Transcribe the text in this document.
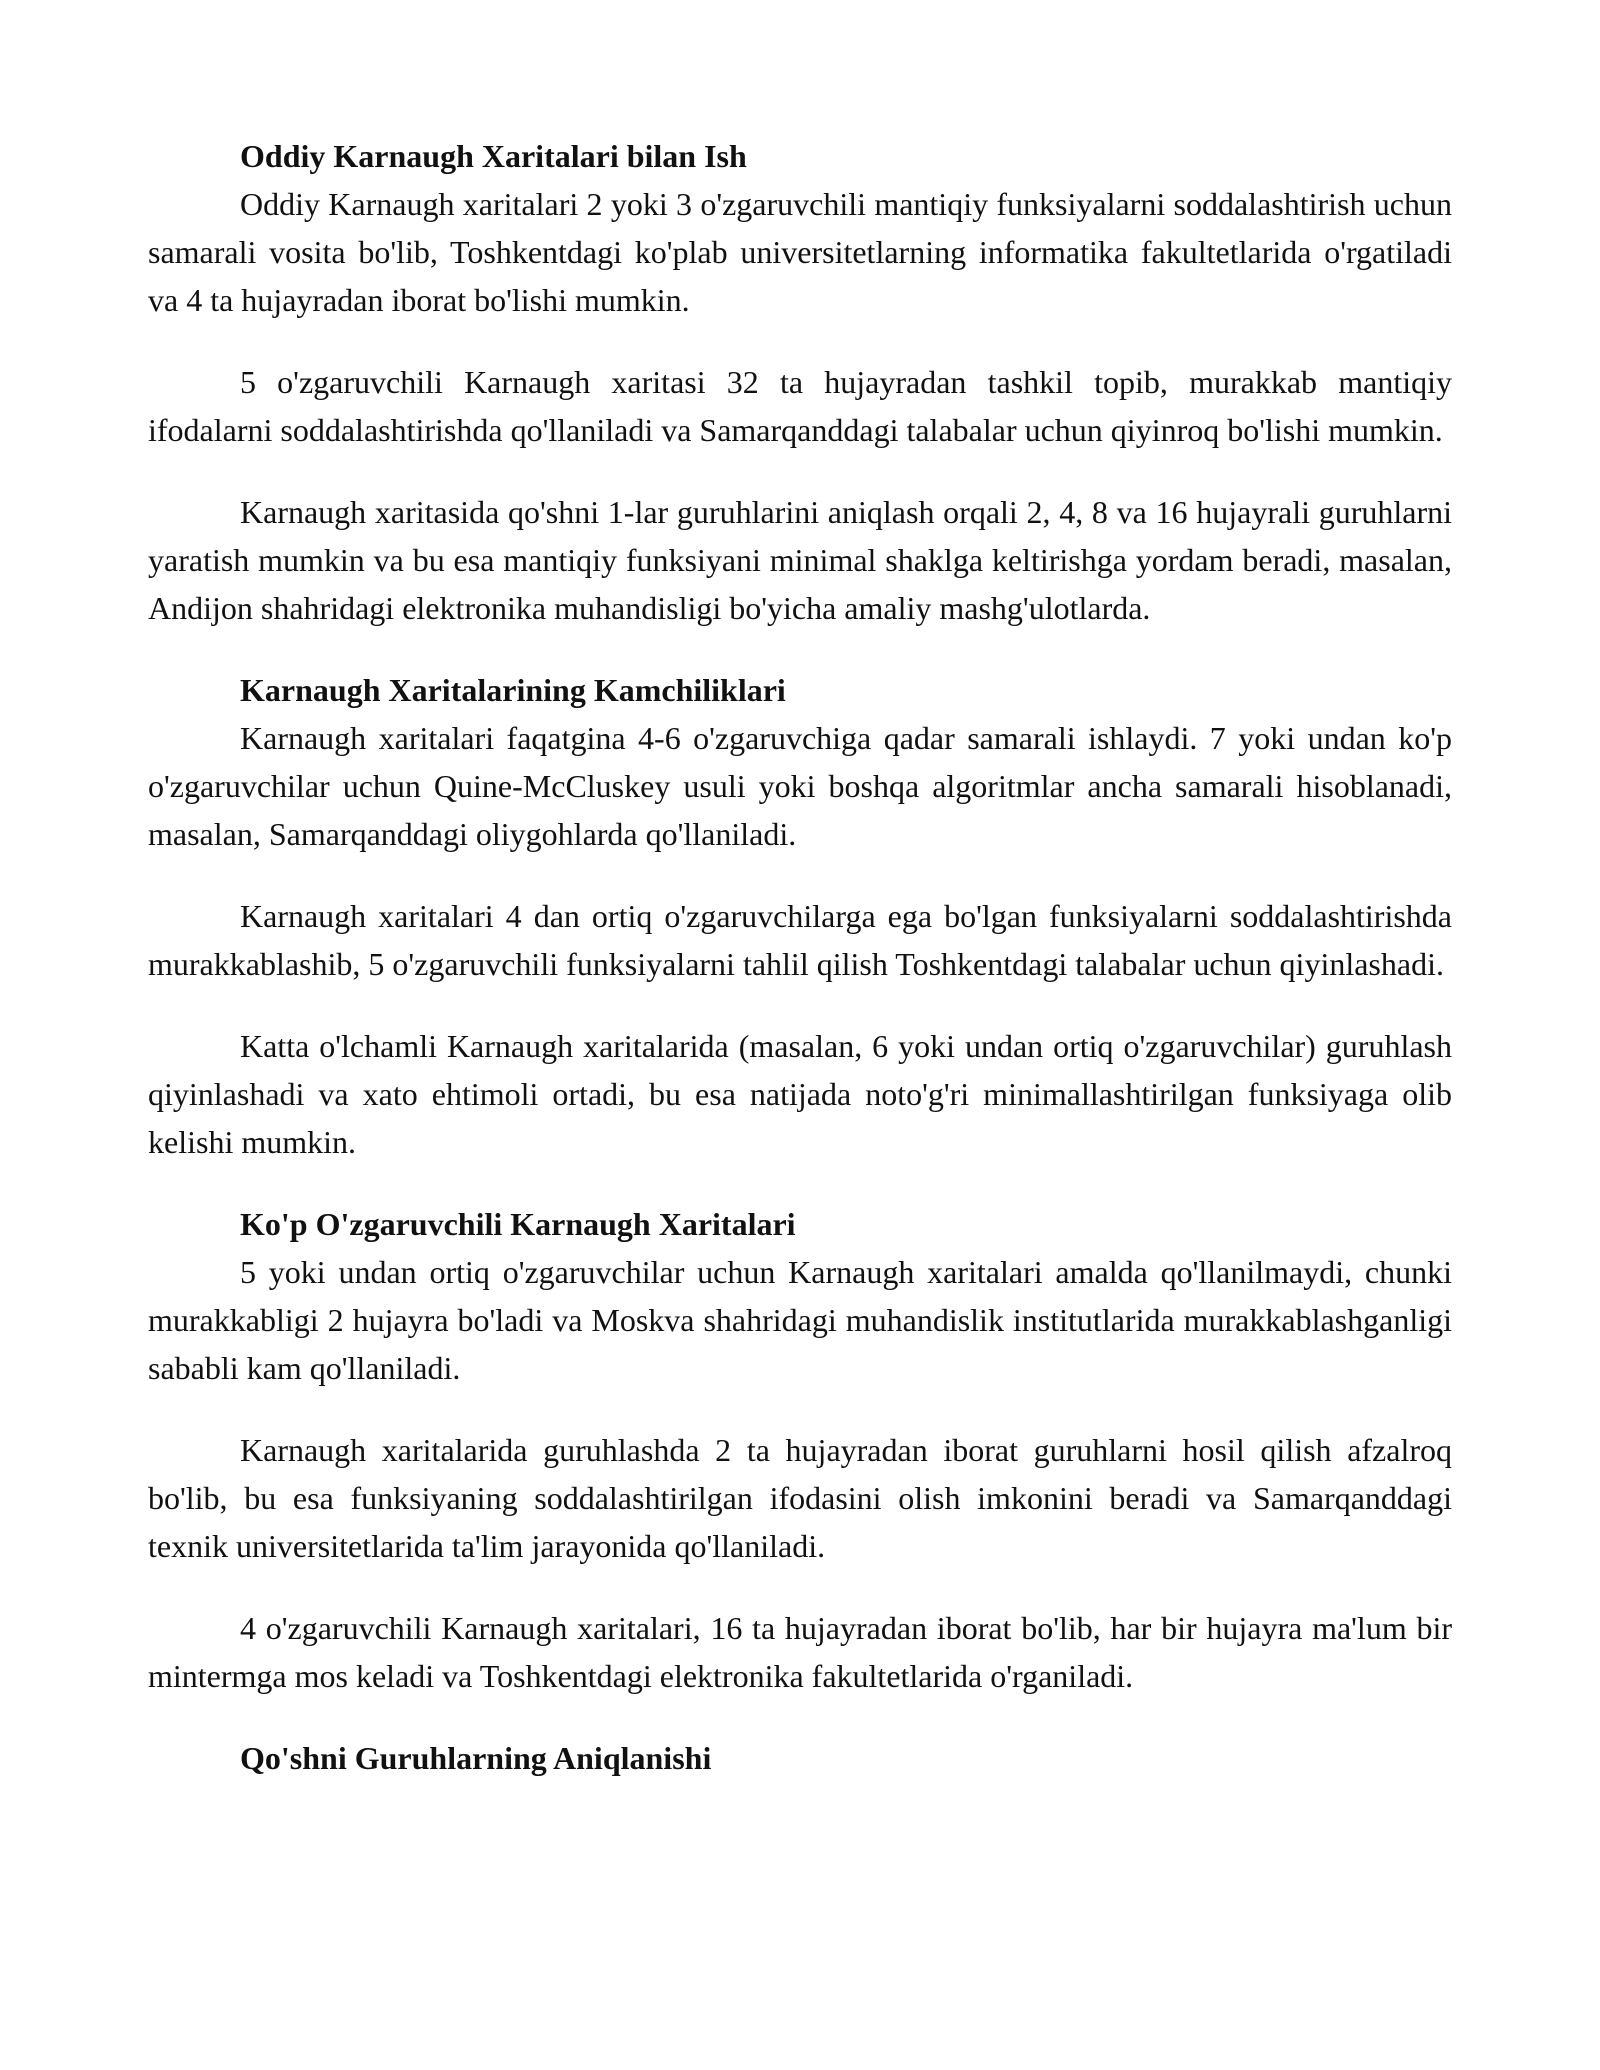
Oddiy Karnaugh Xaritalari bilan Ish

Oddiy Karnaugh xaritalari 2 yoki 3 o'zgaruvchili mantiqiy funksiyalarni soddalashtirish uchun samarali vosita bo'lib, Toshkentdagi ko'plab universitetlarning informatika fakultetlarida o'rgatiladi va 4 ta hujayradan iborat bo'lishi mumkin.

5 o'zgaruvchili Karnaugh xaritasi 32 ta hujayradan tashkil topib, murakkab mantiqiy ifodalarni soddalashtirishda qo'llaniladi va Samarqanddagi talabalar uchun qiyinroq bo'lishi mumkin.

Karnaugh xaritasida qo'shni 1-lar guruhlarini aniqlash orqali 2, 4, 8 va 16 hujayrali guruhlarni yaratish mumkin va bu esa mantiqiy funksiyani minimal shaklga keltirishga yordam beradi, masalan, Andijon shahridagi elektronika muhandisligi bo'yicha amaliy mashg'ulotlarda.

Karnaugh Xaritalarining Kamchiliklari

Karnaugh xaritalari faqatgina 4-6 o'zgaruvchiga qadar samarali ishlaydi. 7 yoki undan ko'p o'zgaruvchilar uchun Quine-McCluskey usuli yoki boshqa algoritmlar ancha samarali hisoblanadi, masalan, Samarqanddagi oliygohlarda qo'llaniladi.

Karnaugh xaritalari 4 dan ortiq o'zgaruvchilarga ega bo'lgan funksiyalarni soddalashtirishda murakkablashib, 5 o'zgaruvchili funksiyalarni tahlil qilish Toshkentdagi talabalar uchun qiyinlashadi.

Katta o'lchamli Karnaugh xaritalarida (masalan, 6 yoki undan ortiq o'zgaruvchilar) guruhlash qiyinlashadi va xato ehtimoli ortadi, bu esa natijada noto'g'ri minimallashtirilgan funksiyaga olib kelishi mumkin.

Ko'p O'zgaruvchili Karnaugh Xaritalari

5 yoki undan ortiq o'zgaruvchilar uchun Karnaugh xaritalari amalda qo'llanilmaydi, chunki murakkabligi 2 hujayra bo'ladi va Moskva shahridagi muhandislik institutlarida murakkablashganligi sababli kam qo'llaniladi.

Karnaugh xaritalarida guruhlashda 2 ta hujayradan iborat guruhlarni hosil qilish afzalroq bo'lib, bu esa funksiyaning soddalashtirilgan ifodasini olish imkonini beradi va Samarqanddagi texnik universitetlarida ta'lim jarayonida qo'llaniladi.

4 o'zgaruvchili Karnaugh xaritalari, 16 ta hujayradan iborat bo'lib, har bir hujayra ma'lum bir mintermga mos keladi va Toshkentdagi elektronika fakultetlarida o'rganiladi.

Qo'shni Guruhlarning Aniqlanishi
